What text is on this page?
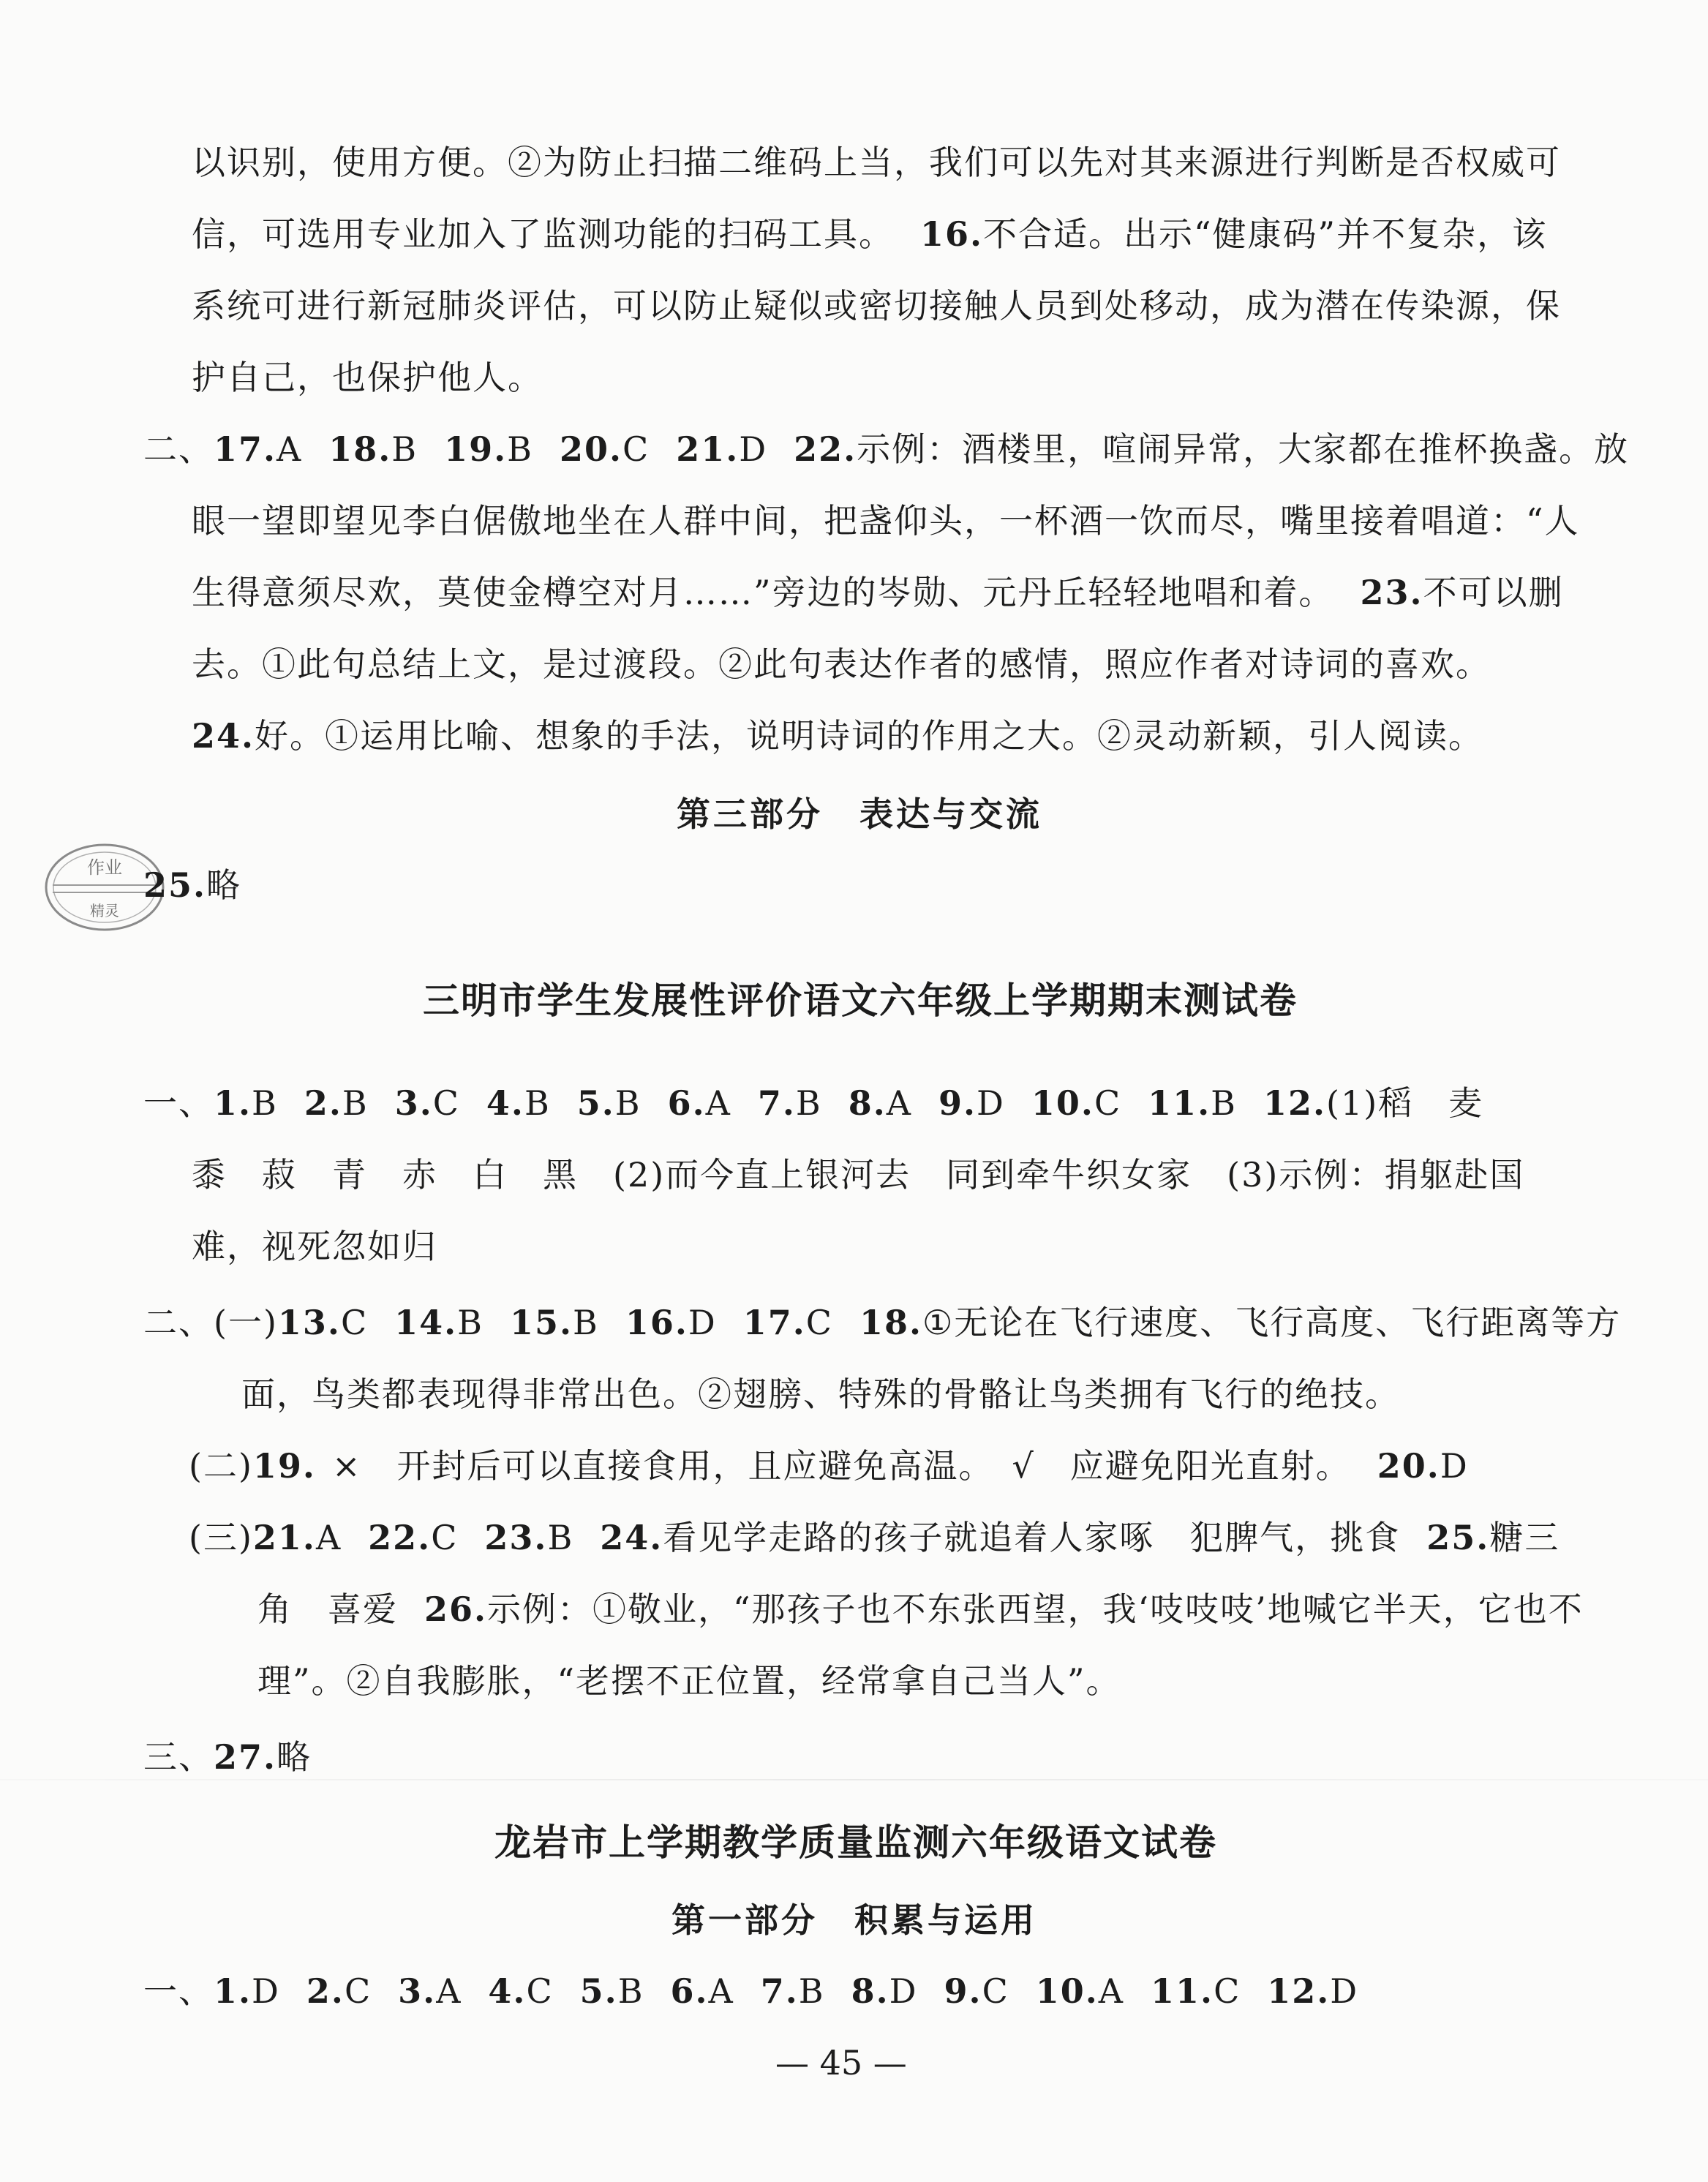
以识别，使用方便。②为防止扫描二维码上当，我们可以先对其来源进行判断是否权威可
信，可选用专业加入了监测功能的扫码工具。 16.不合适。出示“健康码”并不复杂，该
系统可进行新冠肺炎评估，可以防止疑似或密切接触人员到处移动，成为潜在传染源，保
护自己，也保护他人。
二、17.A 18.B 19.B 20.C 21.D 22.示例：酒楼里，喧闹异常，大家都在推杯换盏。放
眼一望即望见李白倨傲地坐在人群中间，把盏仰头，一杯酒一饮而尽，嘴里接着唱道：“人
生得意须尽欢，莫使金樽空对月……”旁边的岑勋、元丹丘轻轻地唱和着。 23.不可以删
去。①此句总结上文，是过渡段。②此句表达作者的感情，照应作者对诗词的喜欢。
24.好。①运用比喻、想象的手法，说明诗词的作用之大。②灵动新颖，引人阅读。
第三部分　表达与交流
作业
精灵
25.略
三明市学生发展性评价语文六年级上学期期末测试卷
一、1.B 2.B 3.C 4.B 5.B 6.A 7.B 8.A 9.D 10.C 11.B 12.(1)稻　麦
黍　菽　青　赤　白　黑　(2)而今直上银河去　同到牵牛织女家　(3)示例：捐躯赴国
难，视死忽如归
二、(一)13.C 14.B 15.B 16.D 17.C 18.①无论在飞行速度、飞行高度、飞行距离等方
面，鸟类都表现得非常出色。②翅膀、特殊的骨骼让鸟类拥有飞行的绝技。
(二)19. ×　开封后可以直接食用，且应避免高温。　√　应避免阳光直射。 20.D
(三)21.A 22.C 23.B 24.看见学走路的孩子就追着人家啄　犯脾气，挑食 25.糖三
角　喜爱 26.示例：①敬业，“那孩子也不东张西望，我‘吱吱吱’地喊它半天，它也不
理”。②自我膨胀，“老摆不正位置，经常拿自己当人”。
三、27.略
龙岩市上学期教学质量监测六年级语文试卷
第一部分　积累与运用
一、1.D 2.C 3.A 4.C 5.B 6.A 7.B 8.D 9.C 10.A 11.C 12.D
— 45 —
